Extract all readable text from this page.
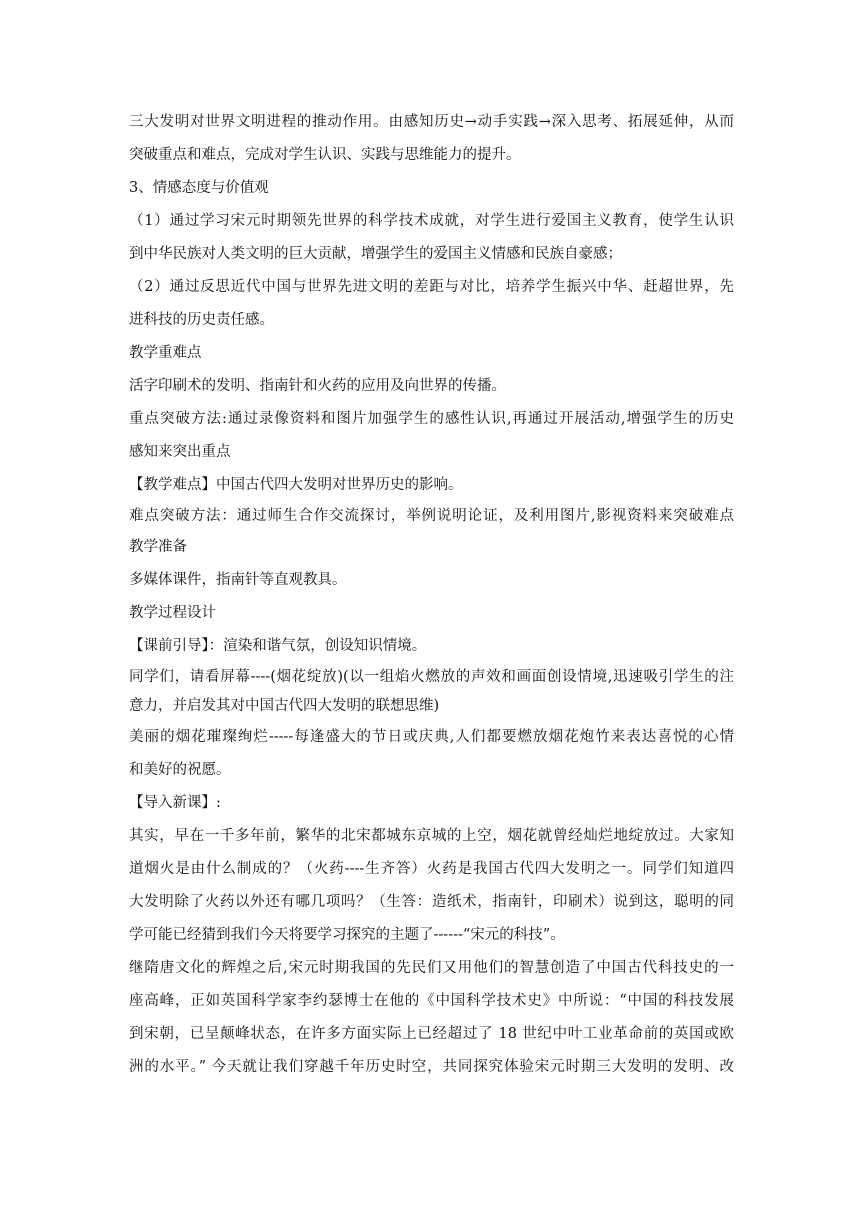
三大发明对世界文明进程的推动作用。由感知历史→动手实践→深入思考、拓展延伸，从而

突破重点和难点，完成对学生认识、实践与思维能力的提升。

3、情感态度与价值观

（1）通过学习宋元时期领先世界的科学技术成就，对学生进行爱国主义教育，使学生认识

到中华民族对人类文明的巨大贡献，增强学生的爱国主义情感和民族自豪感；

（2）通过反思近代中国与世界先进文明的差距与对比，培养学生振兴中华、赶超世界，先

进科技的历史责任感。

教学重难点

活字印刷术的发明、指南针和火药的应用及向世界的传播。

重点突破方法:通过录像资料和图片加强学生的感性认识,再通过开展活动,增强学生的历史

感知来突出重点

【教学难点】中国古代四大发明对世界历史的影响。

难点突破方法：通过师生合作交流探讨，举例说明论证，及利用图片,影视资料来突破难点

教学准备

多媒体课件，指南针等直观教具。

教学过程设计

【课前引导】：渲染和谐气氛，创设知识情境。

同学们，请看屏幕----(烟花绽放)(以一组焰火燃放的声效和画面创设情境,迅速吸引学生的注

意力，并启发其对中国古代四大发明的联想思维)

美丽的烟花璀璨绚烂-----每逢盛大的节日或庆典,人们都要燃放烟花炮竹来表达喜悦的心情

和美好的祝愿。

【导入新课】:

其实，早在一千多年前，繁华的北宋都城东京城的上空，烟花就曾经灿烂地绽放过。大家知

道烟火是由什么制成的？（火药----生齐答）火药是我国古代四大发明之一。同学们知道四

大发明除了火药以外还有哪几项吗？（生答：造纸术，指南针，印刷术）说到这，聪明的同

学可能已经猜到我们今天将要学习探究的主题了------“宋元的科技”。

继隋唐文化的辉煌之后,宋元时期我国的先民们又用他们的智慧创造了中国古代科技史的一

座高峰，正如英国科学家李约瑟博士在他的《中国科学技术史》中所说：“中国的科技发展

到宋朝，已呈颠峰状态，在许多方面实际上已经超过了 18 世纪中叶工业革命前的英国或欧

洲的水平。” 今天就让我们穿越千年历史时空，共同探究体验宋元时期三大发明的发明、改
